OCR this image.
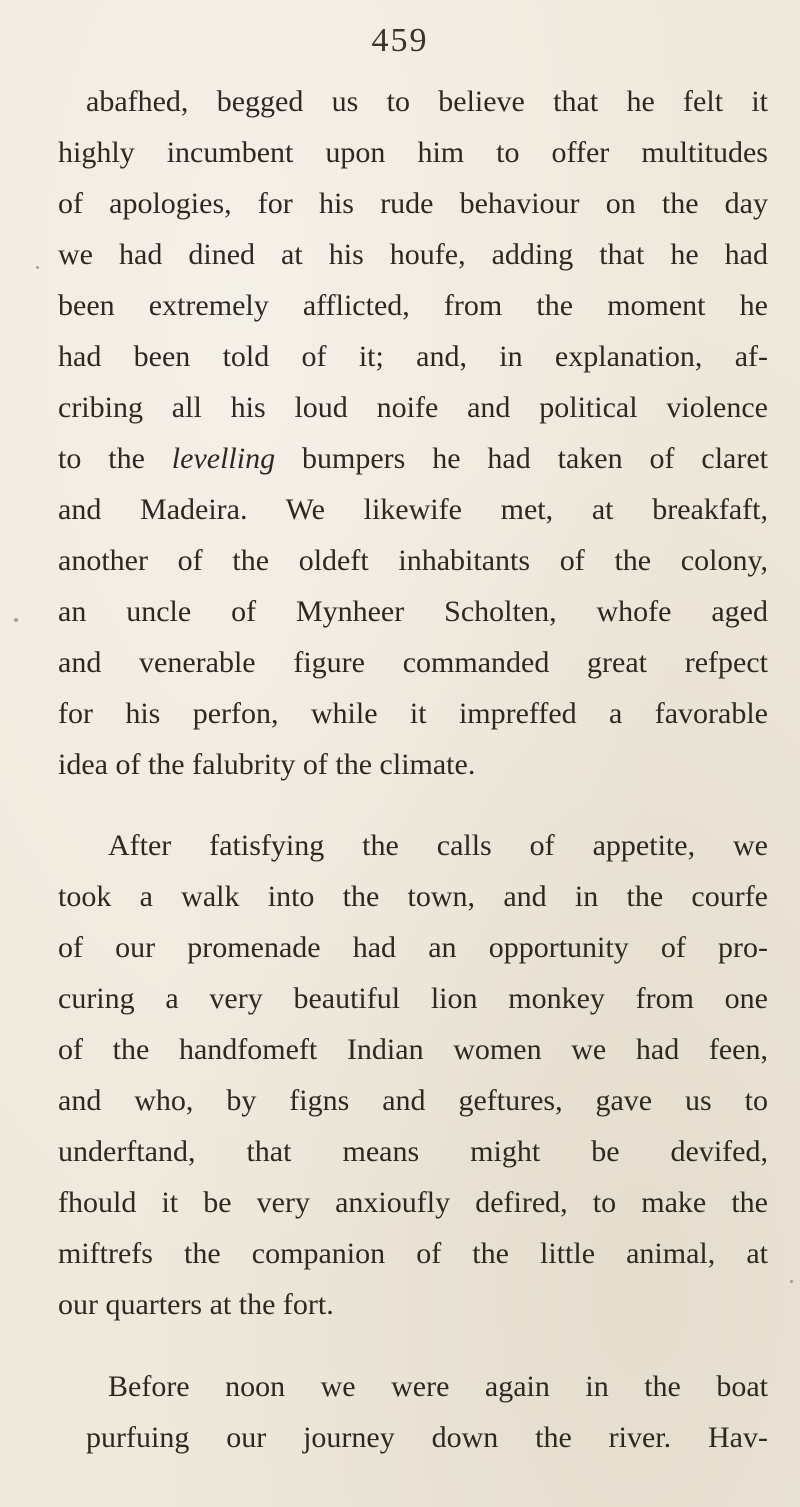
459
abafhed, begged us to believe that he felt it
highly incumbent upon him to offer multitudes
of apologies, for his rude behaviour on the day
we had dined at his houfe, adding that he had
been extremely afflicted, from the moment he
had been told of it; and, in explanation, af-
cribing all his loud noife and political violence
to the levelling bumpers he had taken of claret
and Madeira. We likewife met, at breakfaft,
another of the oldeft inhabitants of the colony,
an uncle of Mynheer Scholten, whofe aged
and venerable figure commanded great refpect
for his perfon, while it impreffed a favorable
idea of the falubrity of the climate.
After fatisfying the calls of appetite, we
took a walk into the town, and in the courfe
of our promenade had an opportunity of pro-
curing a very beautiful lion monkey from one
of the handfomeft Indian women we had feen,
and who, by figns and geftures, gave us to
underftand, that means might be devifed,
fhould it be very anxioufly defired, to make the
miftrefs the companion of the little animal, at
our quarters at the fort.
Before noon we were again in the boat
purfuing our journey down the river. Hav-
